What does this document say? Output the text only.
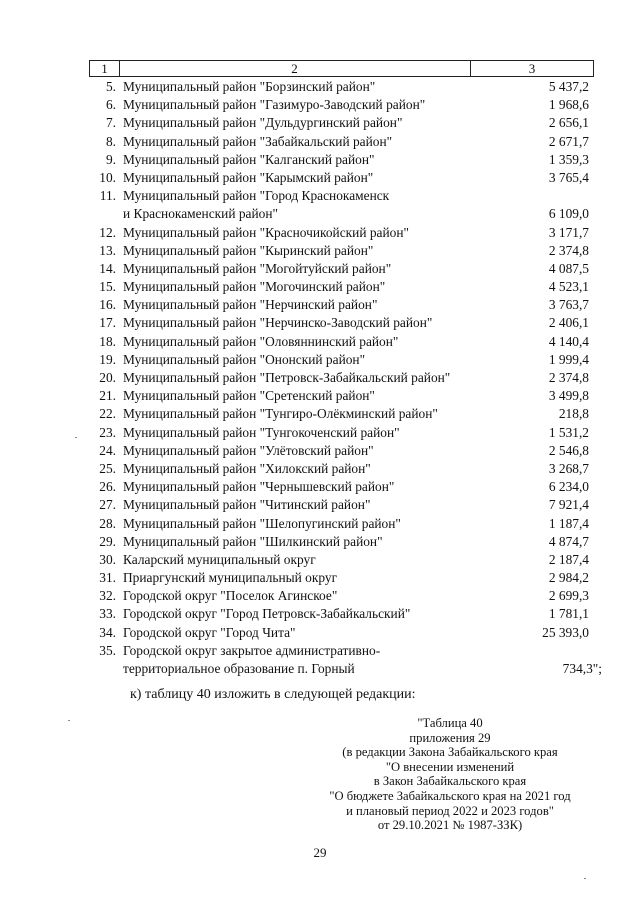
1	2	3
5. Муниципальный район "Борзинский район"	5 437,2
6. Муниципальный район "Газимуро-Заводский район"	1 968,6
7. Муниципальный район "Дульдургинский район"	2 656,1
8. Муниципальный район "Забайкальский район"	2 671,7
9. Муниципальный район "Калганский район"	1 359,3
10. Муниципальный район "Карымский район"	3 765,4
11. Муниципальный район "Город Краснокаменск
и Краснокаменский район"	6 109,0
12. Муниципальный район "Красночикойский район"	3 171,7
13. Муниципальный район "Кыринский район"	2 374,8
14. Муниципальный район "Могойтуйский район"	4 087,5
15. Муниципальный район "Могочинский район"	4 523,1
16. Муниципальный район "Нерчинский район"	3 763,7
17. Муниципальный район "Нерчинско-Заводский район"	2 406,1
18. Муниципальный район "Оловяннинский район"	4 140,4
19. Муниципальный район "Ононский район"	1 999,4
20. Муниципальный район "Петровск-Забайкальский район"	2 374,8
21. Муниципальный район "Сретенский район"	3 499,8
22. Муниципальный район "Тунгиро-Олёкминский район"	218,8
23. Муниципальный район "Тунгокоченский район"	1 531,2
24. Муниципальный район "Улётовский район"	2 546,8
25. Муниципальный район "Хилокский район"	3 268,7
26. Муниципальный район "Чернышевский район"	6 234,0
27. Муниципальный район "Читинский район"	7 921,4
28. Муниципальный район "Шелопугинский район"	1 187,4
29. Муниципальный район "Шилкинский район"	4 874,7
30. Каларский муниципальный округ	2 187,4
31. Приаргунский муниципальный округ	2 984,2
32. Городской округ "Поселок Агинское"	2 699,3
33. Городской округ "Город Петровск-Забайкальский"	1 781,1
34. Городской округ "Город Чита"	25 393,0
35. Городской округ закрытое административно-
территориальное образование п. Горный	734,3";
к) таблицу 40 изложить в следующей редакции:
"Таблица 40
приложения 29
(в редакции Закона Забайкальского края
"О внесении изменений
в Закон Забайкальского края
"О бюджете Забайкальского края на 2021 год
и плановый период 2022 и 2023 годов"
от 29.10.2021 № 1987-ЗЗК)
29
